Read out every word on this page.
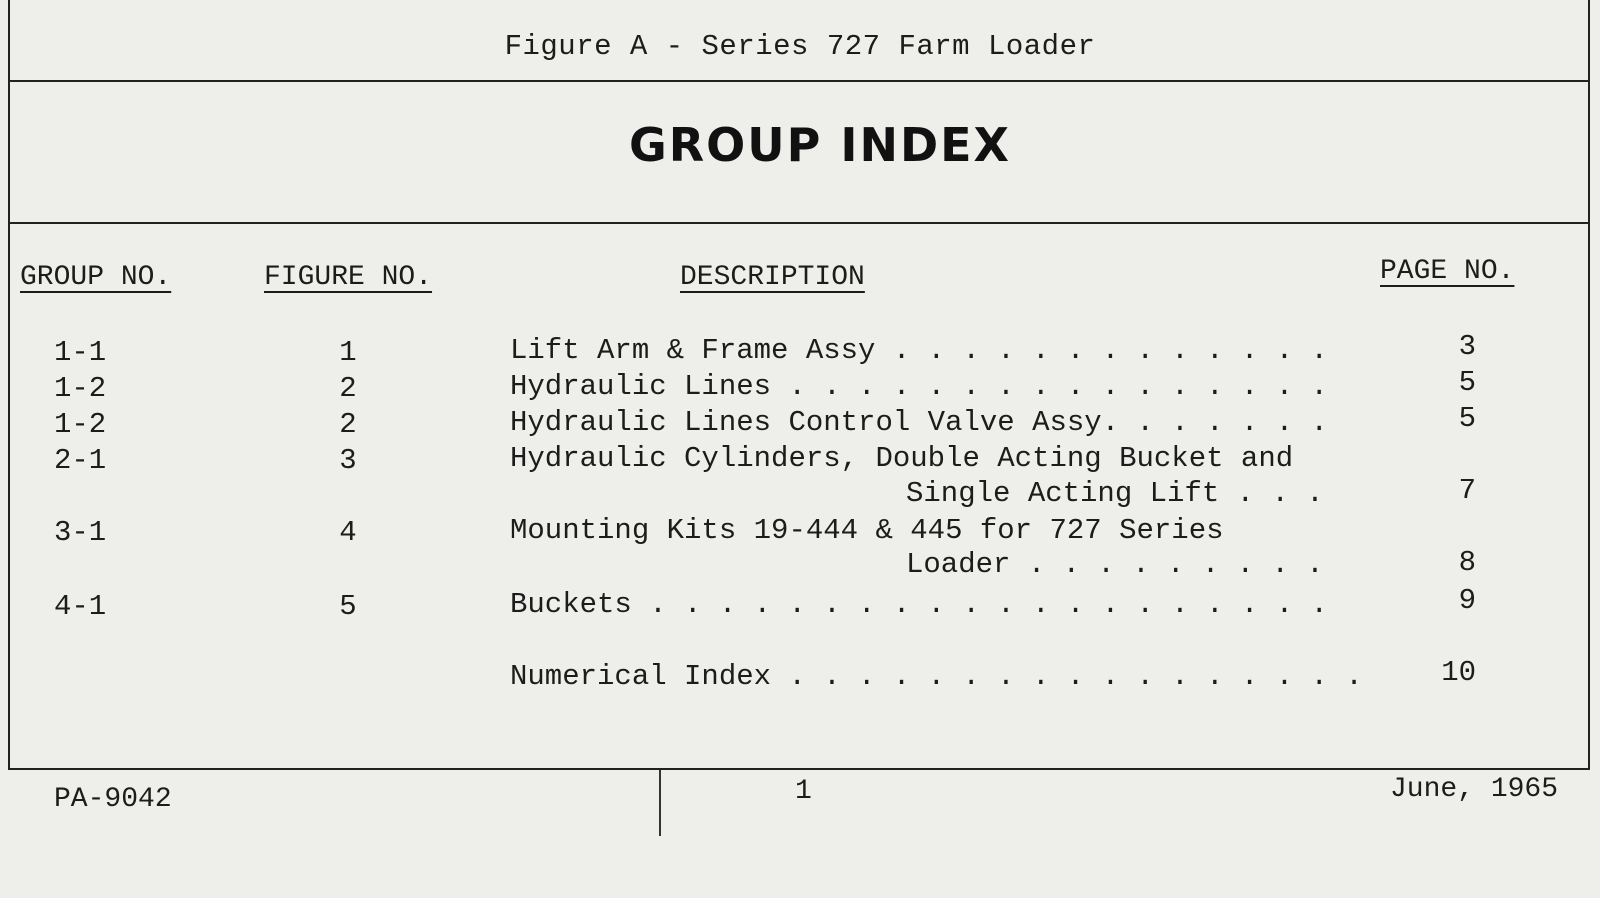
Figure A - Series 727 Farm Loader
GROUP INDEX
GROUP NO.	FIGURE NO.	DESCRIPTION	PAGE NO.
1-1	1	Lift Arm & Frame Assy . . . . . . . . . . . . .	3
1-2	2	Hydraulic Lines . . . . . . . . . . . . . . . .	5
1-2	2	Hydraulic Lines Control Valve Assy. . . . . . .	5
2-1	3	Hydraulic Cylinders, Double Acting Bucket and
Single Acting Lift . . .	7
3-1	4	Mounting Kits 19-444 & 445 for 727 Series
Loader . . . . . . . . .	8
4-1	5	Buckets . . . . . . . . . . . . . . . . . . . .	9
Numerical Index . . . . . . . . . . . . . . . . .	10
PA-9042	1	June, 1965
